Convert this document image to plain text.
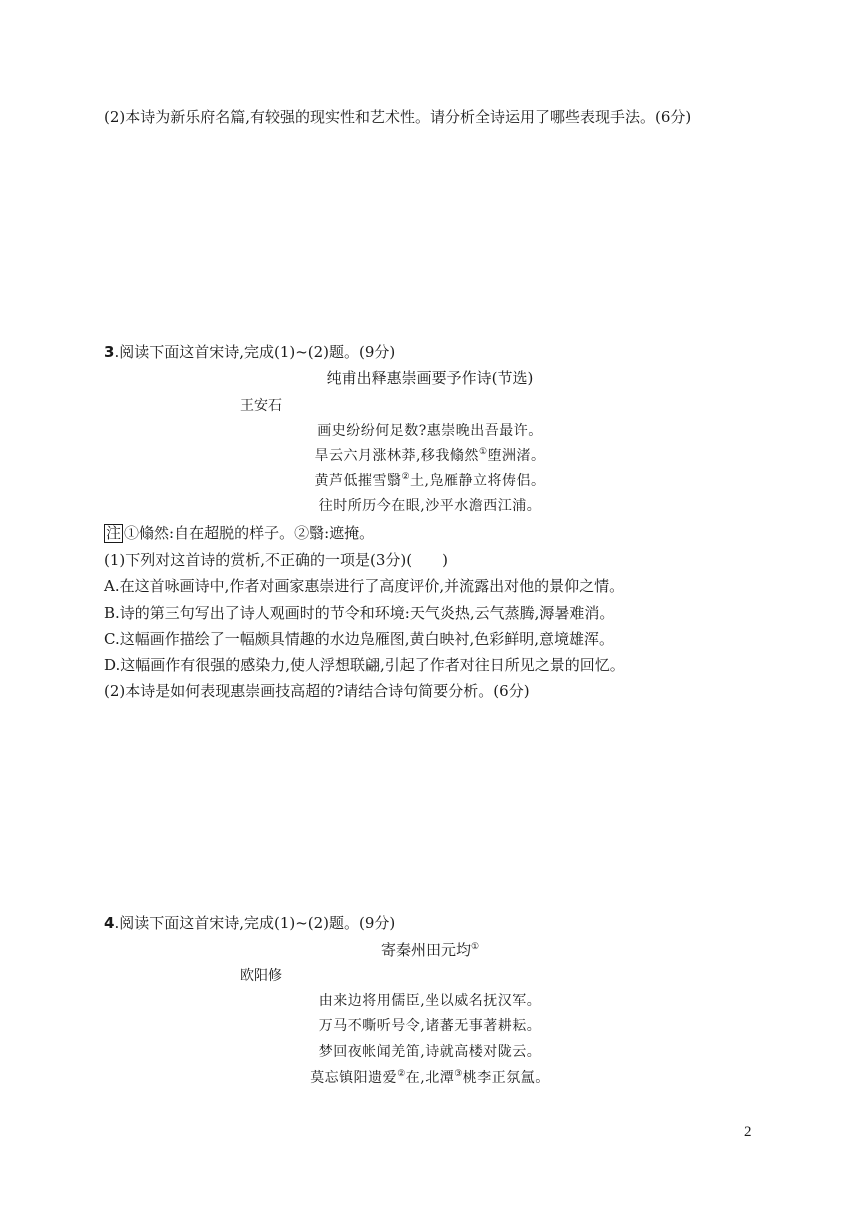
(2)本诗为新乐府名篇,有较强的现实性和艺术性。请分析全诗运用了哪些表现手法。(6分)
3.阅读下面这首宋诗,完成(1)~(2)题。(9分)
纯甫出释惠崇画要予作诗(节选)
王安石
画史纷纷何足数?惠崇晚出吾最许。
旱云六月涨林莽,移我翛然①堕洲渚。
黄芦低摧雪翳②土,凫雁静立将俦侣。
往时所历今在眼,沙平水澹西江浦。
注 ①翛然:自在超脱的样子。②翳:遮掩。
(1)下列对这首诗的赏析,不正确的一项是(3分)(　　)
A.在这首咏画诗中,作者对画家惠崇进行了高度评价,并流露出对他的景仰之情。
B.诗的第三句写出了诗人观画时的节令和环境:天气炎热,云气蒸腾,溽暑难消。
C.这幅画作描绘了一幅颇具情趣的水边凫雁图,黄白映衬,色彩鲜明,意境雄浑。
D.这幅画作有很强的感染力,使人浮想联翩,引起了作者对往日所见之景的回忆。
(2)本诗是如何表现惠崇画技高超的?请结合诗句简要分析。(6分)
4.阅读下面这首宋诗,完成(1)~(2)题。(9分)
寄秦州田元均①
欧阳修
由来边将用儒臣,坐以威名抚汉军。
万马不嘶听号令,诸蕃无事著耕耘。
梦回夜帐闻羌笛,诗就高楼对陇云。
莫忘镇阳遗爱②在,北潭③桃李正氛氲。
2
